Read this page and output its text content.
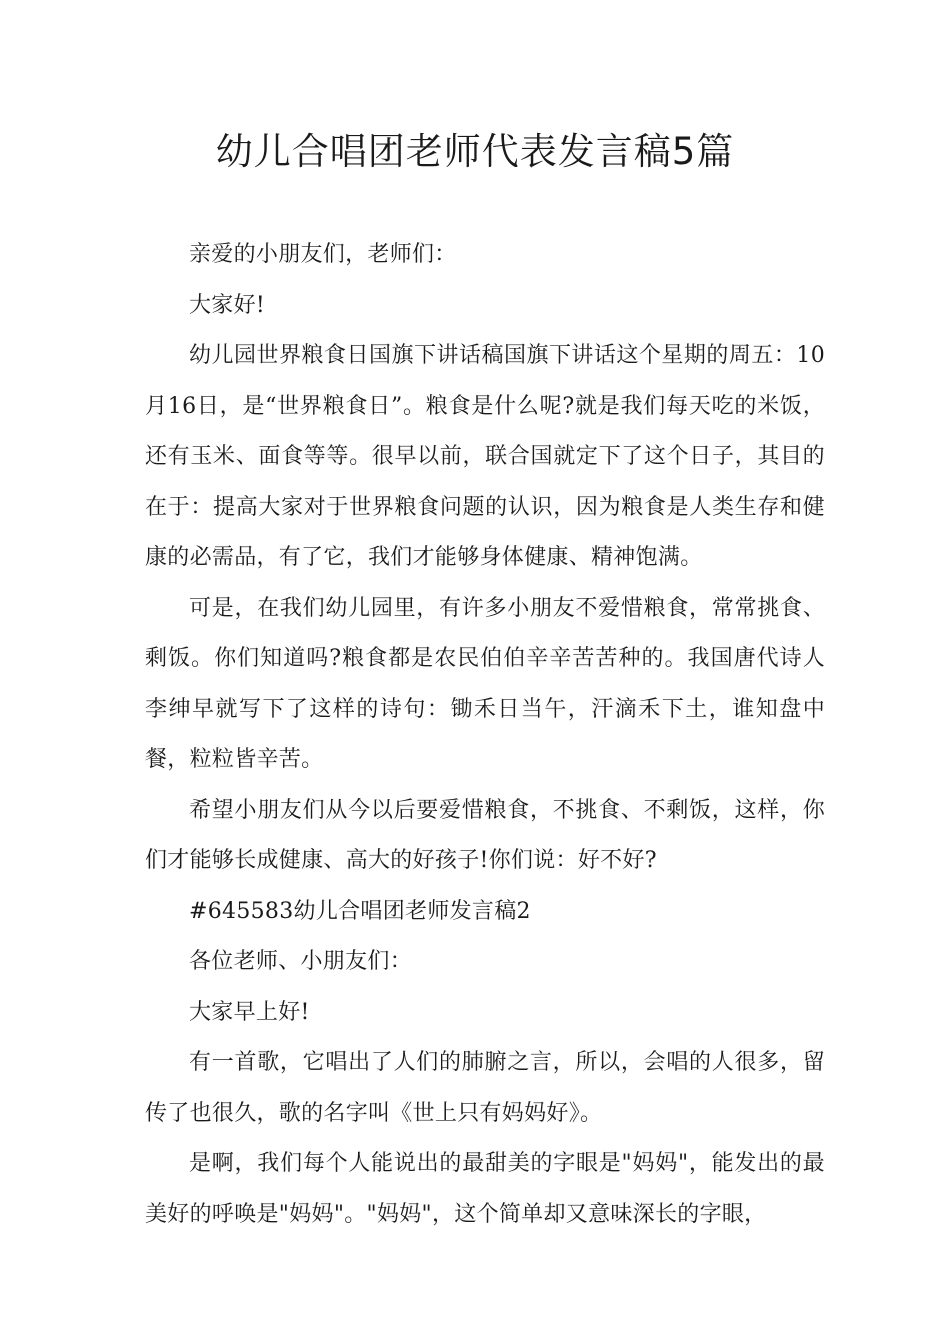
幼儿合唱团老师代表发言稿5篇

亲爱的小朋友们，老师们：

大家好!

幼儿园世界粮食日国旗下讲话稿国旗下讲话这个星期的周五：10月16日，是“世界粮食日”。粮食是什么呢?就是我们每天吃的米饭，还有玉米、面食等等。很早以前，联合国就定下了这个日子，其目的在于：提高大家对于世界粮食问题的认识，因为粮食是人类生存和健康的必需品，有了它，我们才能够身体健康、精神饱满。

可是，在我们幼儿园里，有许多小朋友不爱惜粮食，常常挑食、剩饭。你们知道吗?粮食都是农民伯伯辛辛苦苦种的。我国唐代诗人李绅早就写下了这样的诗句：锄禾日当午，汗滴禾下土，谁知盘中餐，粒粒皆辛苦。

希望小朋友们从今以后要爱惜粮食，不挑食、不剩饭，这样，你们才能够长成健康、高大的好孩子!你们说：好不好?

#645583幼儿合唱团老师发言稿2

各位老师、小朋友们：

大家早上好!

有一首歌，它唱出了人们的肺腑之言，所以，会唱的人很多，留传了也很久，歌的名字叫《世上只有妈妈好》。

是啊，我们每个人能说出的最甜美的字眼是"妈妈"，能发出的最美好的呼唤是"妈妈"。"妈妈"，这个简单却又意味深长的字眼，
